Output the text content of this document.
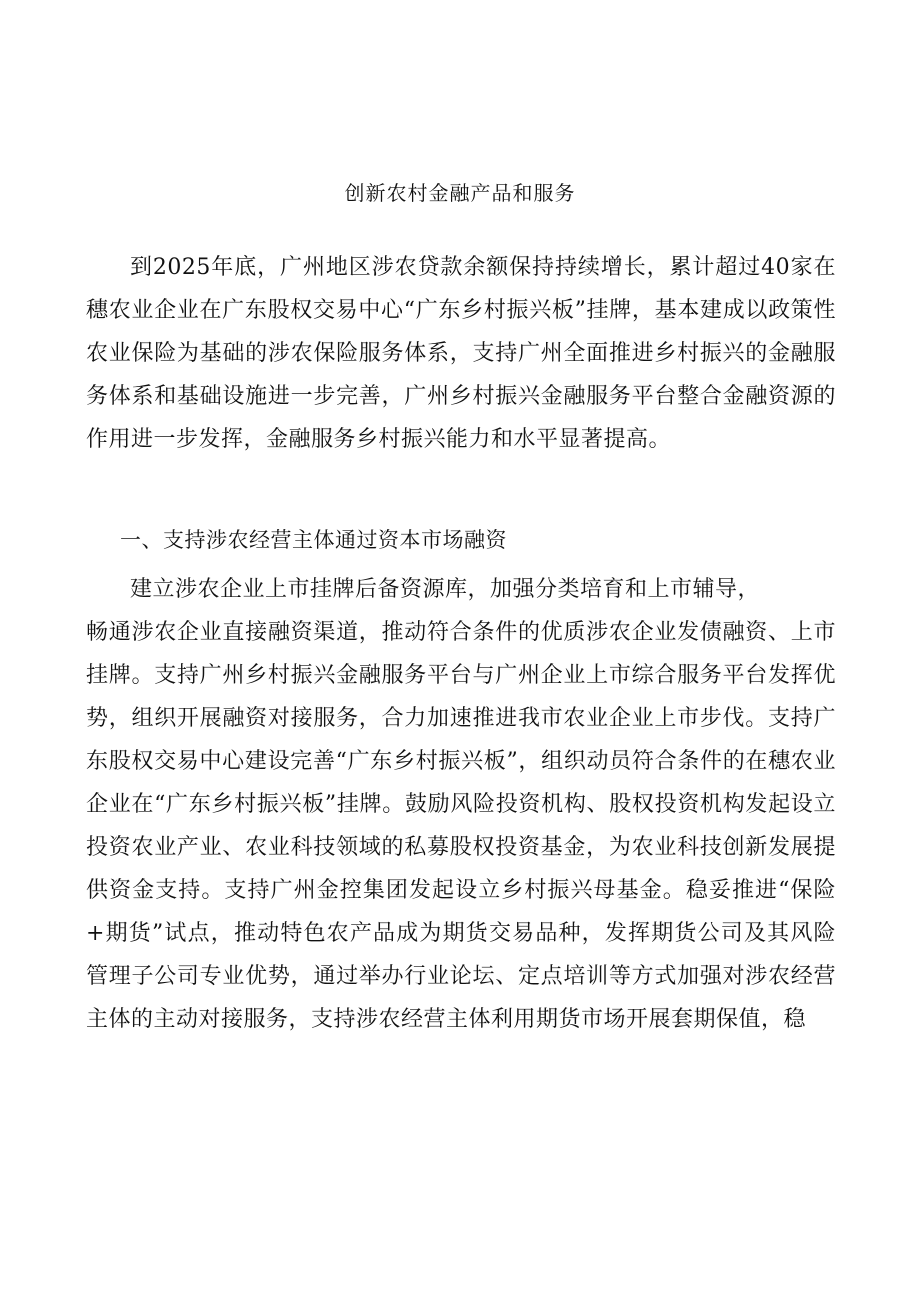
创新农村金融产品和服务

到2025年底，广州地区涉农贷款余额保持持续增长，累计超过40家在穗农业企业在广东股权交易中心“广东乡村振兴板”挂牌，基本建成以政策性农业保险为基础的涉农保险服务体系，支持广州全面推进乡村振兴的金融服务体系和基础设施进一步完善，广州乡村振兴金融服务平台整合金融资源的作用进一步发挥，金融服务乡村振兴能力和水平显著提高。

一、支持涉农经营主体通过资本市场融资
建立涉农企业上市挂牌后备资源库，加强分类培育和上市辅导，
畅通涉农企业直接融资渠道，推动符合条件的优质涉农企业发债融资、上市挂牌。支持广州乡村振兴金融服务平台与广州企业上市综合服务平台发挥优势，组织开展融资对接服务，合力加速推进我市农业企业上市步伐。支持广东股权交易中心建设完善“广东乡村振兴板”，组织动员符合条件的在穗农业企业在“广东乡村振兴板”挂牌。鼓励风险投资机构、股权投资机构发起设立投资农业产业、农业科技领域的私募股权投资基金，为农业科技创新发展提供资金支持。支持广州金控集团发起设立乡村振兴母基金。稳妥推进“保险+期货”试点，推动特色农产品成为期货交易品种，发挥期货公司及其风险管理子公司专业优势，通过举办行业论坛、定点培训等方式加强对涉农经营主体的主动对接服务，支持涉农经营主体利用期货市场开展套期保值，稳
